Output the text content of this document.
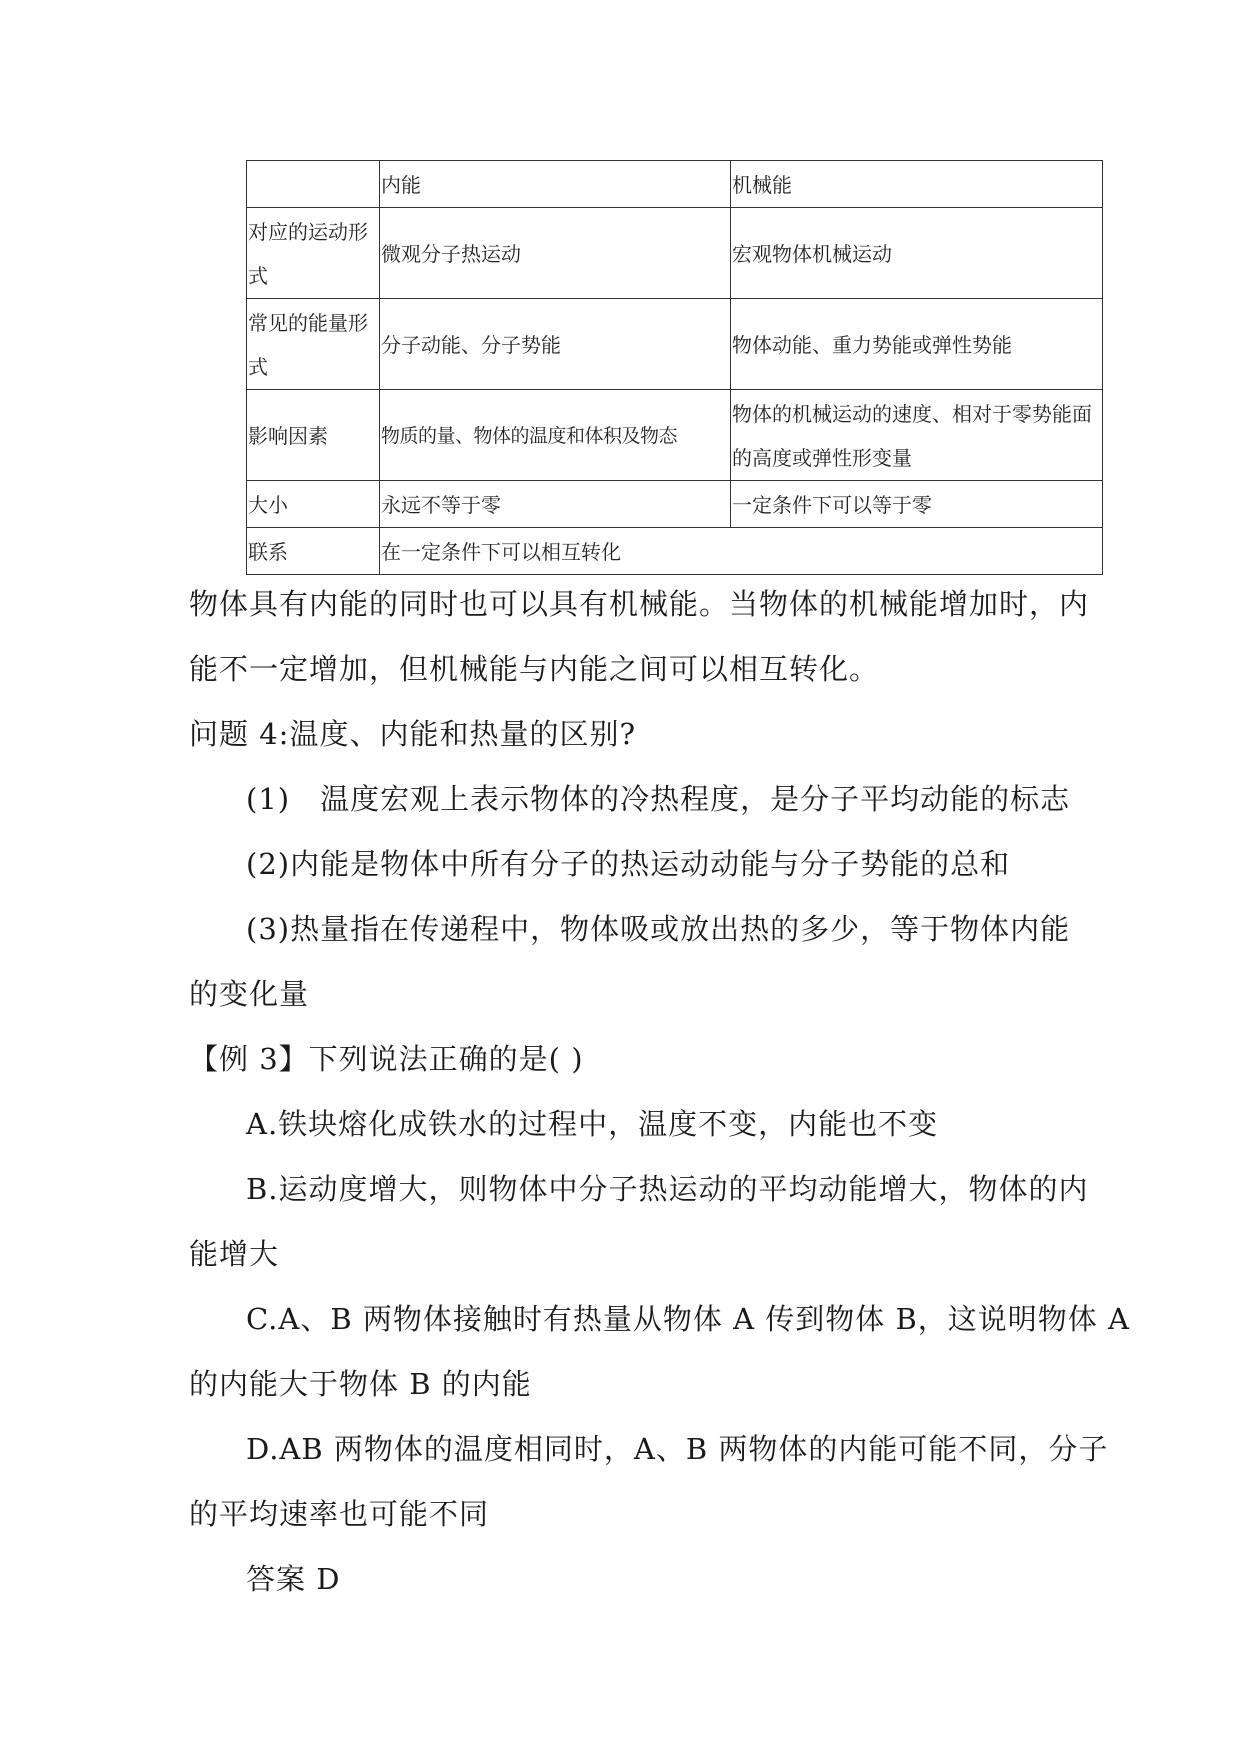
	内能	机械能
对应的运动形式	微观分子热运动	宏观物体机械运动
常见的能量形式	分子动能、分子势能	物体动能、重力势能或弹性势能
影响因素	物质的量、物体的温度和体积及物态	物体的机械运动的速度、相对于零势能面的高度或弹性形变量
大小	永远不等于零	一定条件下可以等于零
联系	在一定条件下可以相互转化	
物体具有内能的同时也可以具有机械能。当物体的机械能增加时，内
能不一定增加，但机械能与内能之间可以相互转化。
问题 4:温度、内能和热量的区别?
(1)　温度宏观上表示物体的冷热程度，是分子平均动能的标志
(2)内能是物体中所有分子的热运动动能与分子势能的总和
(3)热量指在传递程中，物体吸或放出热的多少，等于物体内能
的变化量
【例 3】下列说法正确的是( )
A.铁块熔化成铁水的过程中，温度不变，内能也不变
B.运动度增大，则物体中分子热运动的平均动能增大，物体的内
能增大
C.A、B 两物体接触时有热量从物体 A 传到物体 B，这说明物体 A
的内能大于物体 B 的内能
D.AB 两物体的温度相同时，A、B 两物体的内能可能不同，分子
的平均速率也可能不同
答案 D
